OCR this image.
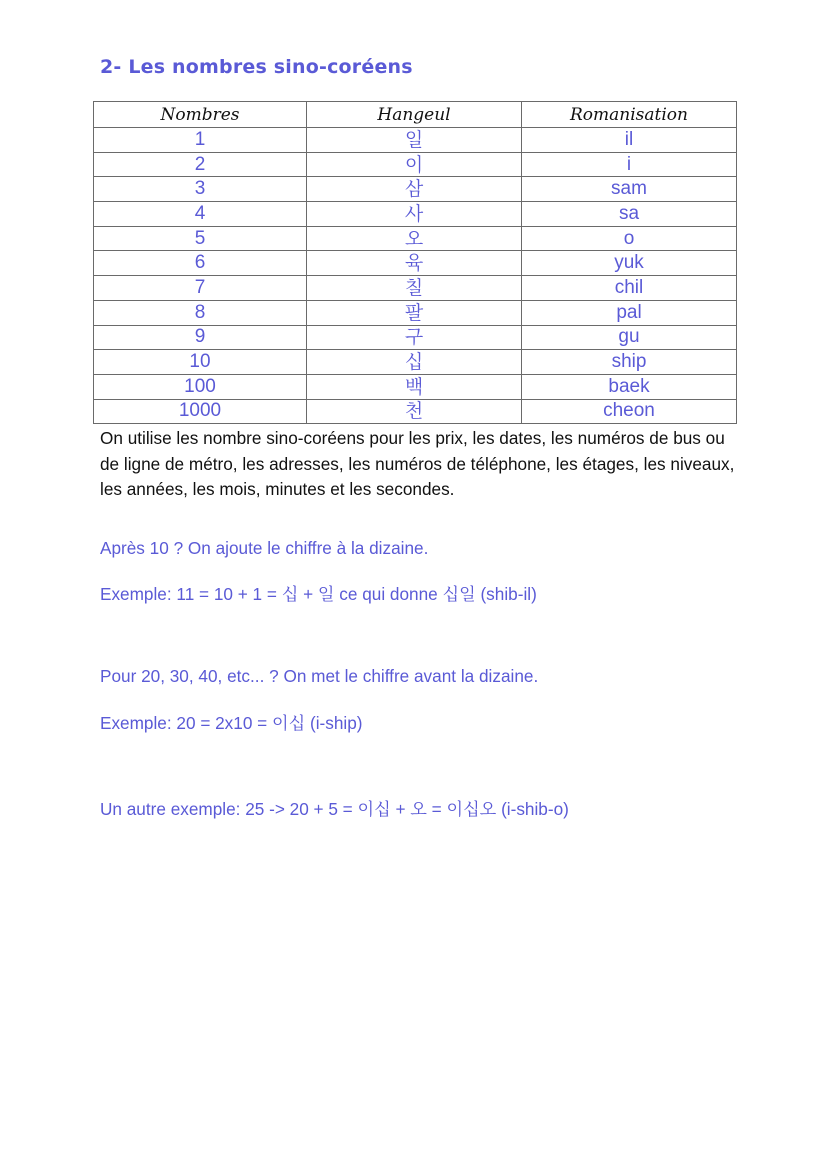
2- Les nombres sino-coréens
Nombres	Hangeul	Romanisation
1	일	il
2	이	i
3	삼	sam
4	사	sa
5	오	o
6	육	yuk
7	칠	chil
8	팔	pal
9	구	gu
10	십	ship
100	백	baek
1000	천	cheon
On utilise les nombre sino-coréens pour les prix, les dates, les numéros de bus ou de ligne de métro, les adresses, les numéros de téléphone, les étages, les niveaux, les années, les mois, minutes et les secondes.
Après 10 ? On ajoute le chiffre à la dizaine.
Exemple: 11 = 10 + 1 = 십 + 일 ce qui donne 십일 (shib-il)
Pour 20, 30, 40, etc... ? On met le chiffre avant la dizaine.
Exemple: 20 = 2x10 = 이십 (i-ship)
Un autre exemple: 25 -> 20 + 5 = 이십 + 오 = 이십오 (i-shib-o)
